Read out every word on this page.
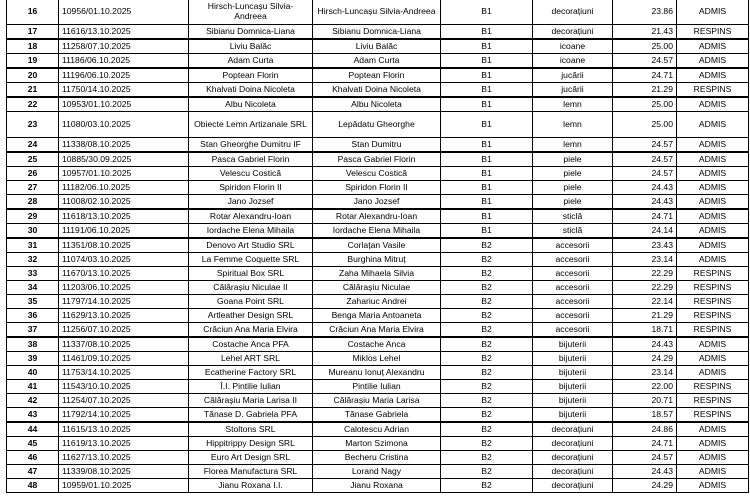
16	10956/01.10.2025	Hirsch-Luncașu Silvia-Andreea	Hirsch-Luncașu Silvia-Andreea	B1	decorațiuni	23.86	ADMIS
17	11616/13.10.2025	Sibianu Domnica-Liana	Sibianu Domnica-Liana	B1	decorațiuni	21.43	RESPINS
18	11258/07.10.2025	Liviu Balăc	Liviu Balăc	B1	icoane	25.00	ADMIS
19	11186/06.10.2025	Adam Curta	Adam Curta	B1	icoane	24.57	ADMIS
20	11196/06.10.2025	Poptean Florin	Poptean Florin	B1	jucării	24.71	ADMIS
21	11750/14.10.2025	Khalvati Doina Nicoleta	Khalvati Doina Nicoleta	B1	jucării	21.29	RESPINS
22	10953/01.10.2025	Albu Nicoleta	Albu Nicoleta	B1	lemn	25.00	ADMIS
23	11080/03.10.2025	Obiecte Lemn Artizanale SRL	Lepădatu Gheorghe	B1	lemn	25.00	ADMIS
24	11338/08.10.2025	Stan Gheorghe Dumitru IF	Stan Dumitru	B1	lemn	24.57	ADMIS
25	10885/30.09.2025	Pasca Gabriel Florin	Pasca Gabriel Florin	B1	piele	24.57	ADMIS
26	10957/01.10.2025	Velescu Costică	Velescu Costică	B1	piele	24.57	ADMIS
27	11182/06.10.2025	Spiridon Florin II	Spiridon Florin II	B1	piele	24.43	ADMIS
28	11008/02.10.2025	Jano Jozsef	Jano Jozsef	B1	piele	24.43	ADMIS
29	11618/13.10.2025	Rotar Alexandru-Ioan	Rotar Alexandru-Ioan	B1	sticlă	24.71	ADMIS
30	11191/06.10.2025	Iordache Elena Mihaila	Iordache Elena Mihaila	B1	sticlă	24.14	ADMIS
31	11351/08.10.2025	Denovo Art Studio SRL	Corlațan Vasile	B2	accesorii	23.43	ADMIS
32	11074/03.10.2025	La Femme Coquette SRL	Burghina Mitruț	B2	accesorii	23.14	ADMIS
33	11670/13.10.2025	Spiritual Box SRL	Zaha Mihaela Silvia	B2	accesorii	22.29	RESPINS
34	11203/06.10.2025	Călărașiu Niculae II	Călărașiu Niculae	B2	accesorii	22.29	RESPINS
35	11797/14.10.2025	Goana Point SRL	Zahariuc Andrei	B2	accesorii	22.14	RESPINS
36	11629/13.10.2025	Artleather Design SRL	Benga Maria Antoaneta	B2	accesorii	21.29	RESPINS
37	11256/07.10.2025	Crăciun Ana Maria Elvira	Crăciun Ana Maria Elvira	B2	accesorii	18.71	RESPINS
38	11337/08.10.2025	Costache Anca PFA	Costache Anca	B2	bijuterii	24.43	ADMIS
39	11461/09.10.2025	Lehel ART SRL	Miklos Lehel	B2	bijuterii	24.29	ADMIS
40	11753/14.10.2025	Ecatherine Factory SRL	Mureanu Ionuț Alexandru	B2	bijuterii	23.14	ADMIS
41	11543/10.10.2025	Î.I. Pintilie Iulian	Pintilie Iulian	B2	bijuterii	22.00	RESPINS
42	11254/07.10.2025	Călărașiu Maria Larisa II	Călărașiu Maria Larisa	B2	bijuterii	20.71	RESPINS
43	11792/14.10.2025	Tănase D. Gabriela PFA	Tănase Gabriela	B2	bijuterii	18.57	RESPINS
44	11615/13.10.2025	Stoltons SRL	Calotescu Adrian	B2	decorațiuni	24.86	ADMIS
45	11619/13.10.2025	Hippitrippy Design SRL	Marton Szimona	B2	decorațiuni	24.71	ADMIS
46	11627/13.10.2025	Euro Art Design SRL	Becheru Cristina	B2	decorațiuni	24.57	ADMIS
47	11339/08.10.2025	Florea Manufactura SRL	Lorand Nagy	B2	decorațiuni	24.43	ADMIS
48	10959/01.10.2025	Jianu Roxana I.I.	Jianu Roxana	B2	decorațiuni	24.29	ADMIS
